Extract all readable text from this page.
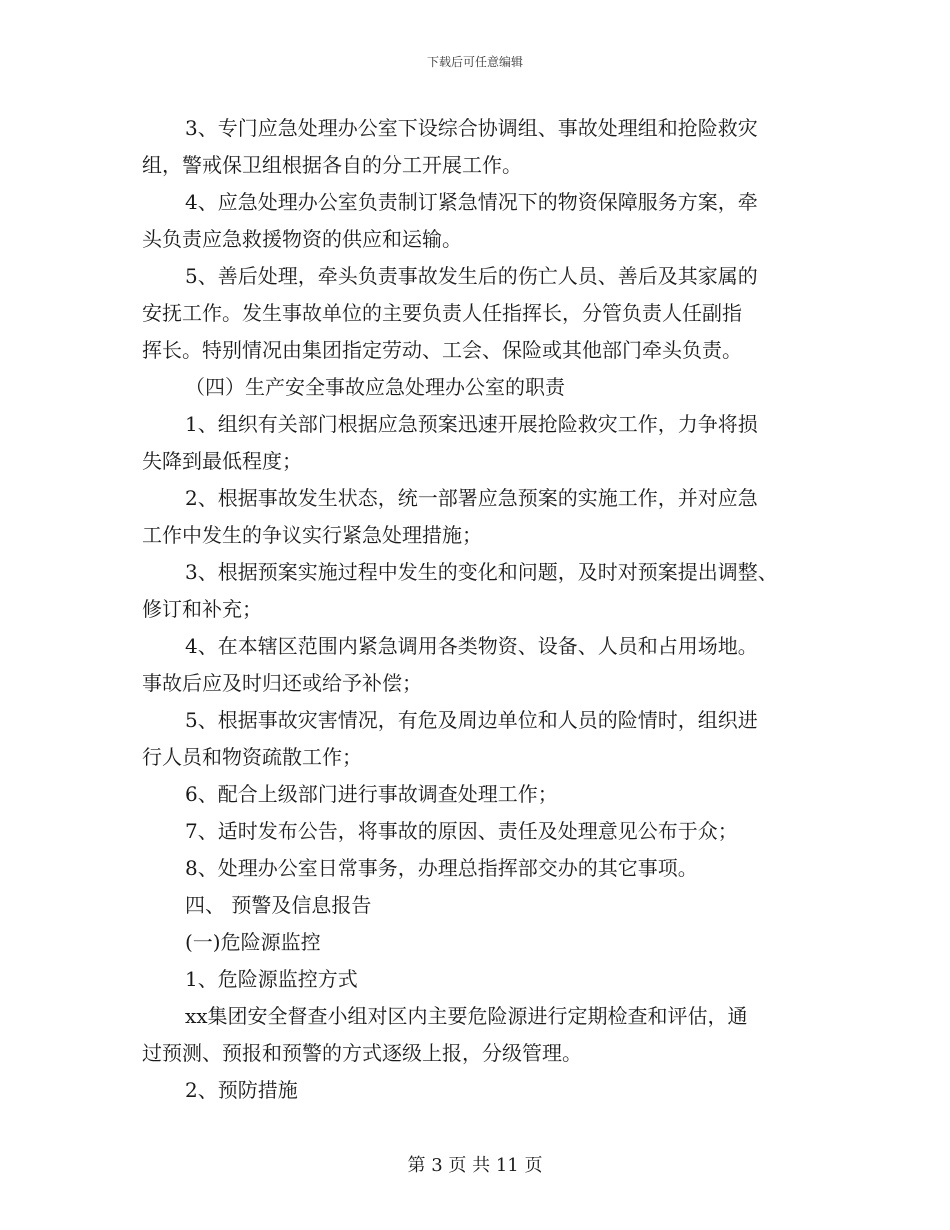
下载后可任意编辑

3、专门应急处理办公室下设综合协调组、事故处理组和抢险救灾

组，警戒保卫组根据各自的分工开展工作。

4、应急处理办公室负责制订紧急情况下的物资保障服务方案，牵

头负责应急救援物资的供应和运输。

5、善后处理，牵头负责事故发生后的伤亡人员、善后及其家属的

安抚工作。发生事故单位的主要负责人任指挥长，分管负责人任副指

挥长。特别情况由集团指定劳动、工会、保险或其他部门牵头负责。

（四）生产安全事故应急处理办公室的职责

1、组织有关部门根据应急预案迅速开展抢险救灾工作，力争将损

失降到最低程度；

2、根据事故发生状态，统一部署应急预案的实施工作，并对应急

工作中发生的争议实行紧急处理措施；

3、根据预案实施过程中发生的变化和问题，及时对预案提出调整、

修订和补充；

4、在本辖区范围内紧急调用各类物资、设备、人员和占用场地。

事故后应及时归还或给予补偿；

5、根据事故灾害情况，有危及周边单位和人员的险情时，组织进

行人员和物资疏散工作；

6、配合上级部门进行事故调查处理工作；

7、适时发布公告，将事故的原因、责任及处理意见公布于众；

8、处理办公室日常事务，办理总指挥部交办的其它事项。

四、 预警及信息报告

(一)危险源监控

1、危险源监控方式

xx集团安全督查小组对区内主要危险源进行定期检查和评估，通

过预测、预报和预警的方式逐级上报，分级管理。

2、预防措施

第 3 页 共 11 页
